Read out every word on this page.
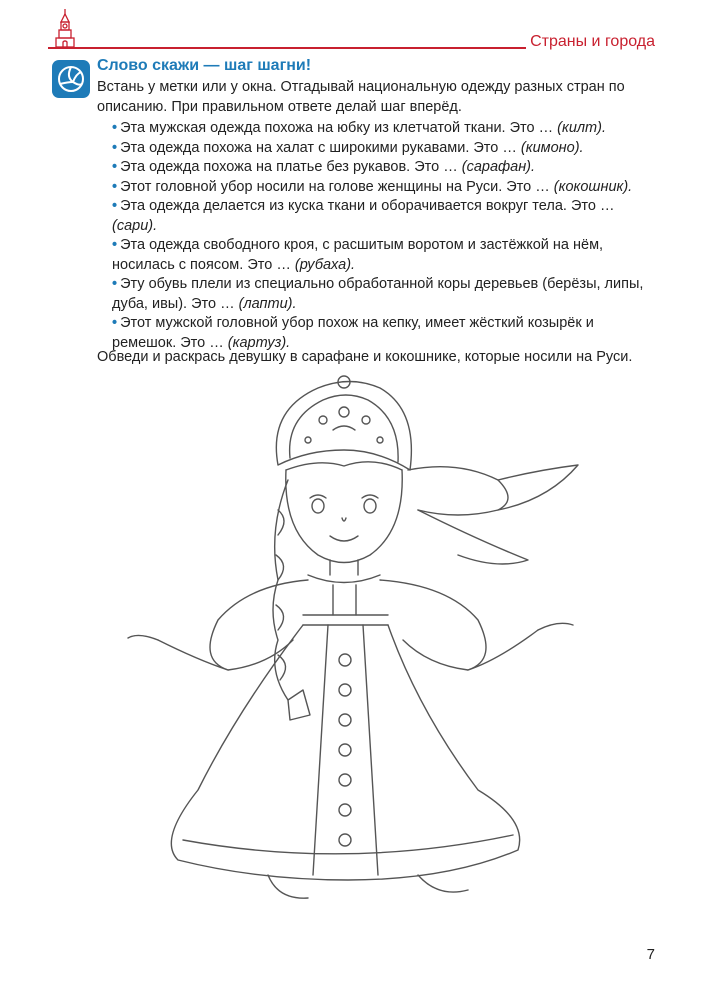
Страны и города
Слово скажи — шаг шагни!
Встань у метки или у окна. Отгадывай национальную одежду разных стран по описанию. При правильном ответе делай шаг вперёд.
• Эта мужская одежда похожа на юбку из клетчатой ткани. Это … (килт).
• Эта одежда похожа на халат с широкими рукавами. Это … (кимоно).
• Эта одежда похожа на платье без рукавов. Это … (сарафан).
• Этот головной убор носили на голове женщины на Руси. Это … (кокошник).
• Эта одежда делается из куска ткани и оборачивается вокруг тела. Это … (сари).
• Эта одежда свободного кроя, с расшитым воротом и застёжкой на нём, носилась с поясом. Это … (рубаха).
• Эту обувь плели из специально обработанной коры деревьев (берёзы, липы, дуба, ивы). Это … (лапти).
• Этот мужской головной убор похож на кепку, имеет жёсткий козырёк и ремешок. Это … (картуз).
Обведи и раскрась девушку в сарафане и кокошнике, которые носили на Руси.
7
